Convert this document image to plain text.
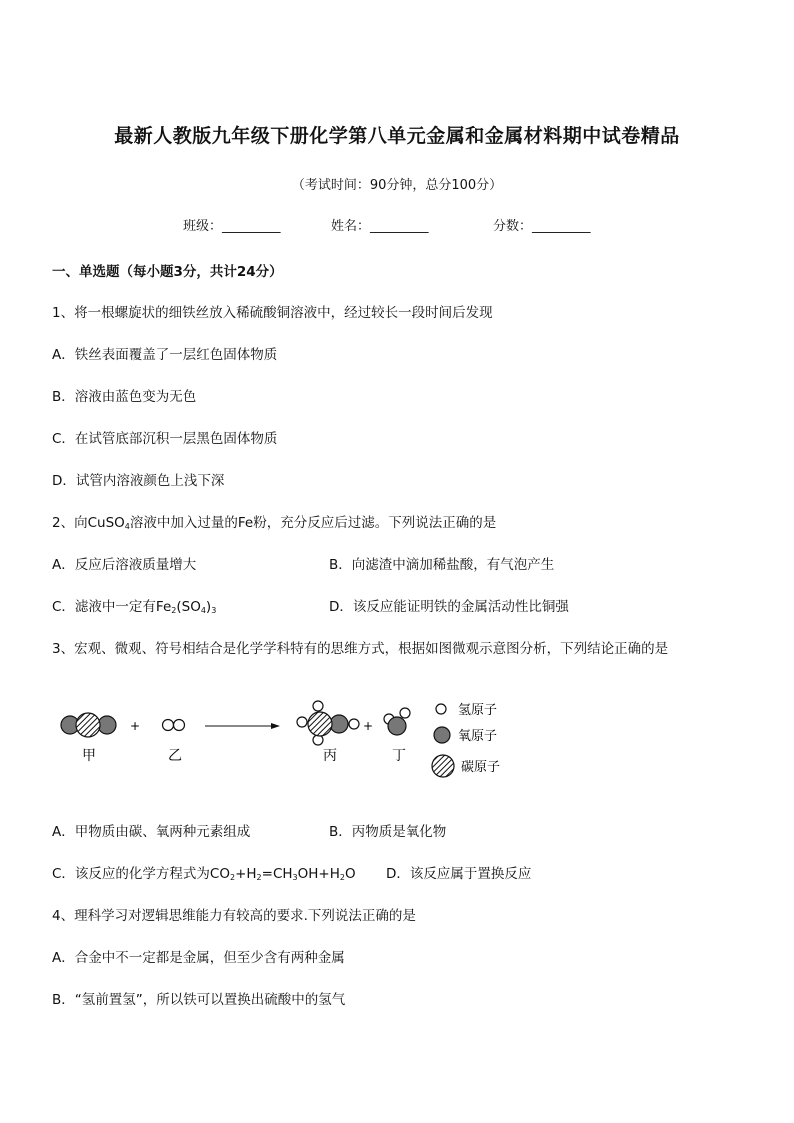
最新人教版九年级下册化学第八单元金属和金属材料期中试卷精品
（考试时间：90分钟，总分100分）
班级：_________	姓名：_________	分数：_________
一、单选题（每小题3分，共计24分）
1、将一根螺旋状的细铁丝放入稀硫酸铜溶液中，经过较长一段时间后发现
A．铁丝表面覆盖了一层红色固体物质
B．溶液由蓝色变为无色
C．在试管底部沉积一层黑色固体物质
D．试管内溶液颜色上浅下深
2、向CuSO$_4$溶液中加入过量的Fe粉，充分反应后过滤。下列说法正确的是
A．反应后溶液质量增大	B．向滤渣中滴加稀盐酸，有气泡产生
C．滤液中一定有$Fe_2(SO_4)_3$	D．该反应能证明铁的金属活动性比铜强
3、宏观、微观、符号相结合是化学学科特有的思维方式，根据如图微观示意图分析，下列结论正确的是
甲
+
乙	丙
+
丁
氢原子
氧原子
碳原子
A．甲物质由碳、氧两种元素组成	B．丙物质是氧化物
C．该反应的化学方程式为$CO_2+H_2=CH_3OH+H_2O$ D．该反应属于置换反应
4、理科学习对逻辑思维能力有较高的要求.下列说法正确的是
A．合金中不一定都是金属，但至少含有两种金属
B．“氢前置氢”，所以铁可以置换出硫酸中的氢气
